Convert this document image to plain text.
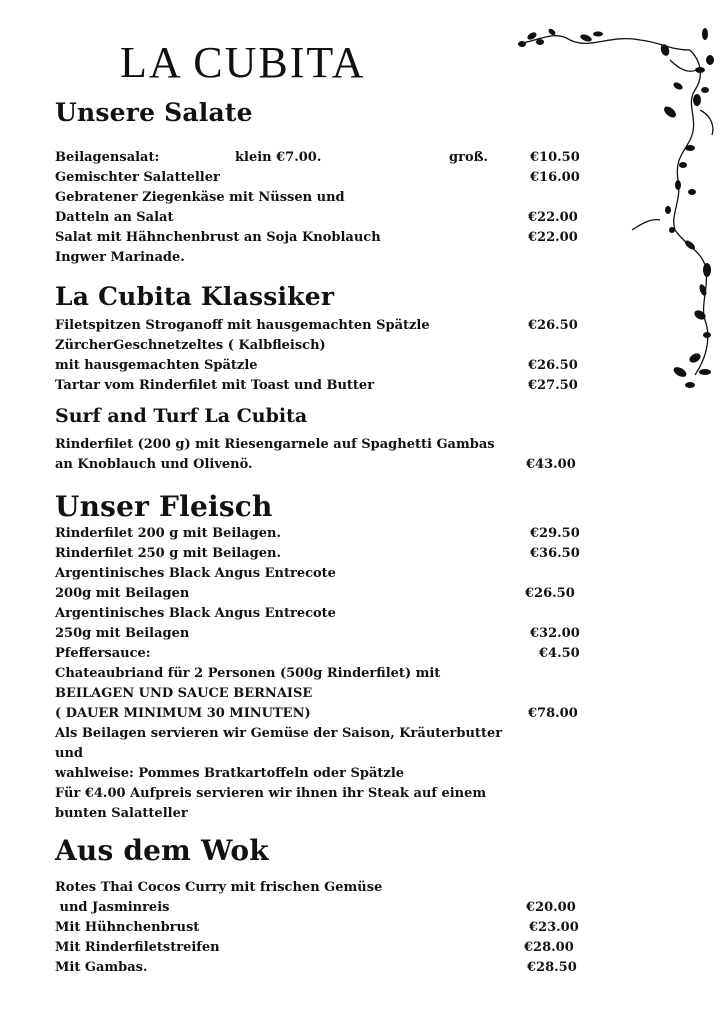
LA CUBITA
Unsere Salate
Beilagensalat:	klein €7.00.	groß.	€10.50
Gemischter Salatteller	€16.00
Gebratener Ziegenkäse mit Nüssen und
Datteln an Salat	€22.00
Salat mit Hähnchenbrust an Soja Knoblauch	€22.00
Ingwer Marinade.
La Cubita Klassiker
Filetspitzen Stroganoff mit hausgemachten Spätzle	€26.50
ZürcherGeschnetzeltes ( Kalbfleisch)
mit hausgemachten Spätzle	€26.50
Tartar vom Rinderfilet mit Toast und Butter	€27.50
Surf and Turf La Cubita
Rinderfilet (200 g) mit Riesengarnele auf Spaghetti Gambas
an Knoblauch und Olivenö.	€43.00
Unser Fleisch
Rinderfilet 200 g mit Beilagen.	€29.50
Rinderfilet 250 g mit Beilagen.	€36.50
Argentinisches Black Angus Entrecote
200g mit Beilagen	€26.50
Argentinisches Black Angus Entrecote
250g mit Beilagen	€32.00
Pfeffersauce:	€4.50
Chateaubriand für 2 Personen (500g Rinderfilet) mit
BEILAGEN UND SAUCE BERNAISE
( DAUER MINIMUM 30 MINUTEN)	€78.00
Als Beilagen servieren wir Gemüse der Saison, Kräuterbutter
und
wahlweise: Pommes Bratkartoffeln oder Spätzle
Für €4.00 Aufpreis servieren wir ihnen ihr Steak auf einem
bunten Salatteller
Aus dem Wok
Rotes Thai Cocos Curry mit frischen Gemüse
und Jasminreis	€20.00
Mit Hühnchenbrust	€23.00
Mit Rinderfiletstreifen	€28.00
Mit Gambas.	€28.50
